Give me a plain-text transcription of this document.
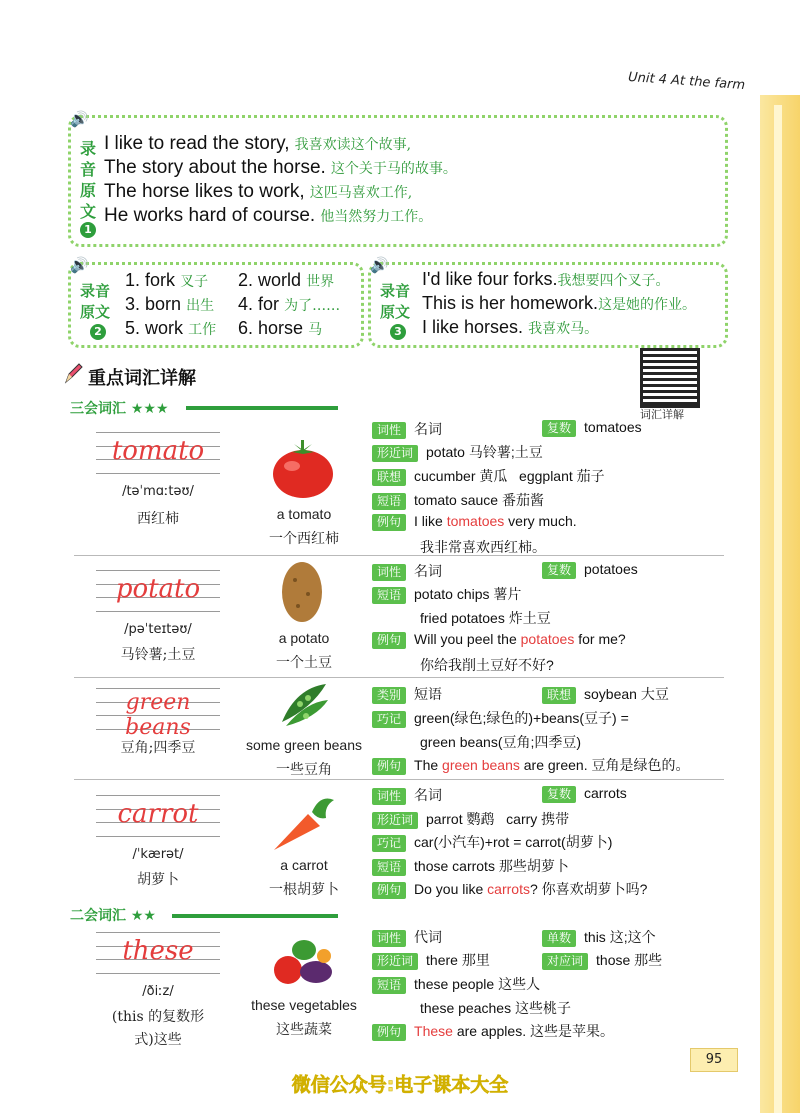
Unit 4 At the farm
🔊
录
音
原
文
1
I like to read the story, 我喜欢读这个故事,
The story about the horse. 这个关于马的故事。
The horse likes to work, 这匹马喜欢工作,
He works hard of course. 他当然努力工作。
🔊
录音
原文
2
1. fork 叉子 2. world 世界
3. born 出生 4. for 为了……
5. work 工作 6. horse 马
🔊
录音
原文
3
I'd like four forks.我想要四个叉子。
This is her homework.这是她的作业。
I like horses. 我喜欢马。
重点词汇详解
词汇详解
三会词汇 ★★★
tomato
/təˈmɑːtəʊ/
西红柿	a tomato
一个西红柿
词性 名词	复数 tomatoes
形近词 potato 马铃薯;土豆
联想 cucumber 黄瓜 eggplant 茄子
短语 tomato sauce 番茄酱
例句 I like tomatoes very much.
我非常喜欢西红柿。
potato
/pəˈteɪtəʊ/
马铃薯;土豆
a potato
一个土豆
词性 名词	复数 potatoes
短语 potato chips 薯片
fried potatoes 炸土豆
例句 Will you peel the potatoes for me?
你给我削土豆好不好?
green beans
豆角;四季豆	some green beans
一些豆角
类别 短语	联想 soybean 大豆
巧记 green(绿色;绿色的)+beans(豆子) =
green beans(豆角;四季豆)
例句 The green beans are green. 豆角是绿色的。
carrot
/ˈkærət/
胡萝卜
a carrot
一根胡萝卜
词性 名词	复数 carrots
形近词 parrot 鹦鹉 carry 携带
巧记 car(小汽车)+rot = carrot(胡萝卜)
短语 those carrots 那些胡萝卜
例句 Do you like carrots? 你喜欢胡萝卜吗?
二会词汇 ★★
these
/ðiːz/
(this 的复数形
式)这些
these vegetables
这些蔬菜
词性 代词	单数 this 这;这个
形近词 there 那里	对应词 those 那些
短语 these people 这些人
these peaches 这些桃子
例句 These are apples. 这些是苹果。
95
微信公众号:电子课本大全
